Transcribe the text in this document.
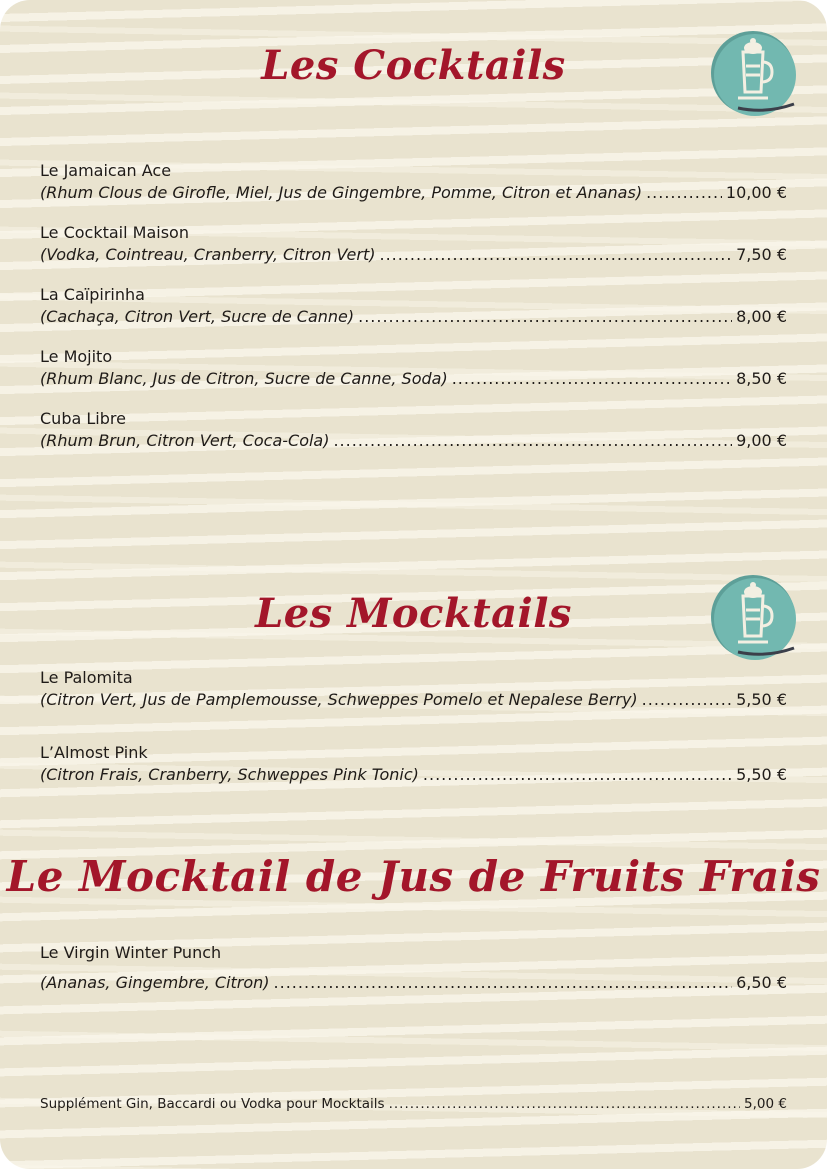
Les Cocktails
Le Jamaican Ace
(Rhum Clous de Girofle, Miel, Jus de Gingembre, Pomme, Citron et Ananas) .....	10,00 €
Le Cocktail Maison
(Vodka, Cointreau, Cranberry, Citron Vert) .....	7,50 €
La Caïpirinha
(Cachaça, Citron Vert, Sucre de Canne) .....	8,00 €
Le Mojito
(Rhum Blanc, Jus de Citron, Sucre de Canne, Soda) .....	8,50 €
Cuba Libre
(Rhum Brun, Citron Vert, Coca-Cola) .....	9,00 €
Les Mocktails
Le Palomita
(Citron Vert, Jus de Pamplemousse, Schweppes Pomelo et Nepalese Berry) .....	5,50 €
L’Almost Pink
(Citron Frais, Cranberry, Schweppes Pink Tonic) .....	5,50 €
Le Mocktail de Jus de Fruits Frais
Le Virgin Winter Punch
(Ananas, Gingembre, Citron) .....	6,50 €
Supplément Gin, Baccardi ou Vodka pour Mocktails .....	5,00 €
